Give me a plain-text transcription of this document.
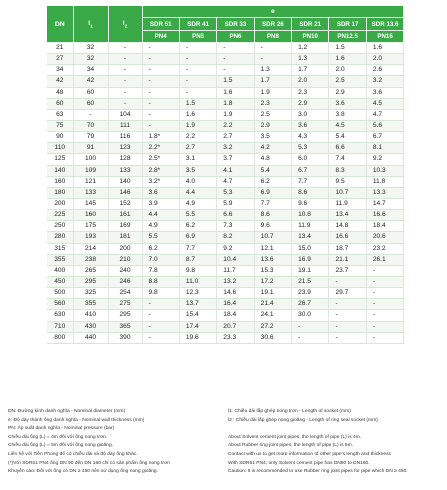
DN	$l_1$	$l_2$	e						
			SDR 51	SDR 41	SDR 33	SDR 26	SDR 21	SDR 17	SDR 13.6
			PN4	PN5	PN6	PN8	PN10	PN12.5	PN16
21	32	-	-	-	-	-	1.2	1.5	1.6
27	32	-	-	-	-	-	1.3	1.6	2.0
34	34	-	-	-	-	1.3	1.7	2.0	2.6
42	42	-	-	-	1.5	1.7	2.0	2.5	3.2
48	60	-	-	-	1.6	1.9	2.3	2.9	3.6
60	60	-	-	1.5	1.8	2.3	2.9	3.6	4.5
63	-	104	-	1.6	1.9	2.5	3.0	3.8	4.7
75	70	111	-	1.9	2.2	2.9	3.6	4.5	5.6
90	79	116	1.8*	2.2	2.7	3.5	4.3	5.4	6.7
110	91	123	2.2*	2.7	3.2	4.2	5.3	6.6	8.1
125	100	128	2.5*	3.1	3.7	4.8	6.0	7.4	9.2
140	109	133	2.8*	3.5	4.1	5.4	6.7	8.3	10.3
160	121	140	3.2*	4.0	4.7	6.2	7.7	9.5	11.8
180	133	146	3.6	4.4	5.3	6.9	8.6	10.7	13.3
200	145	152	3.9	4.9	5.9	7.7	9.6	11.9	14.7
225	160	161	4.4	5.5	6.6	8.6	10.8	13.4	16.6
250	175	169	4.9	6.2	7.3	9.6	11.9	14.8	18.4
280	193	181	5.5	6.9	8.2	10.7	13.4	16.6	20.6
315	214	200	6.2	7.7	9.2	12.1	15.0	18.7	23.2
355	238	210	7.0	8.7	10.4	13.6	16.9	21.1	26.1
400	265	240	7.8	9.8	11.7	15.3	19.1	23.7	-
450	295	246	8.8	11.0	13.2	17.2	21.5	-	-
500	325	254	9.8	12.3	14.6	19.1	23.9	29.7	-
560	355	275	-	13.7	16.4	21.4	26.7	-	-
630	410	295	-	15.4	18.4	24.1	30.0	-	-
710	430	365	-	17.4	20.7	27.2	-	-	-
800	440	390	-	19.6	23.3	30.6	-	-	-
DN: Đường kính danh nghĩa - Nominal diameter (mm)
e: Độ dày thành ống danh nghĩa - Nominal wall thickness (mm)
PN: Áp suất danh nghĩa - Nominal pressure (bar)
Chiều dài ống (L) = 4m đối với ống nong trơn.
Chiều dài ống (L) = 5m đối với ống nong gioăng.
Liên hệ với Tiền Phong để có chiều dài và độ dày ống khác.
(*)Với SDR51 PN4 ống DN 90 đến DN 160 chỉ có sản phẩm ống nong trơn
Khuyến cáo: Đối với ống có DN ≥ 450 nên sử dụng ống nong gioăng.
l1: Chiều dài lắp ghép nong trơn - Length of socket (mm)
l2 : Chiều dài lắp ghép nong gioăng - Length of ring seal socket (mm)
About Solvent cement joint pipes, the length of pipe (L) is 4m.
About Rubber ring joint pipes, the length of pipe (L) is 5m.
Contact with us to get more information of other pipe's length and thickness
With SDR51 PN4, only Solvent cement pipe has DN90 to DN160.
Caution: It is recommended to use Rubber ring joint pipes for pipe which DN ≥ 450.
